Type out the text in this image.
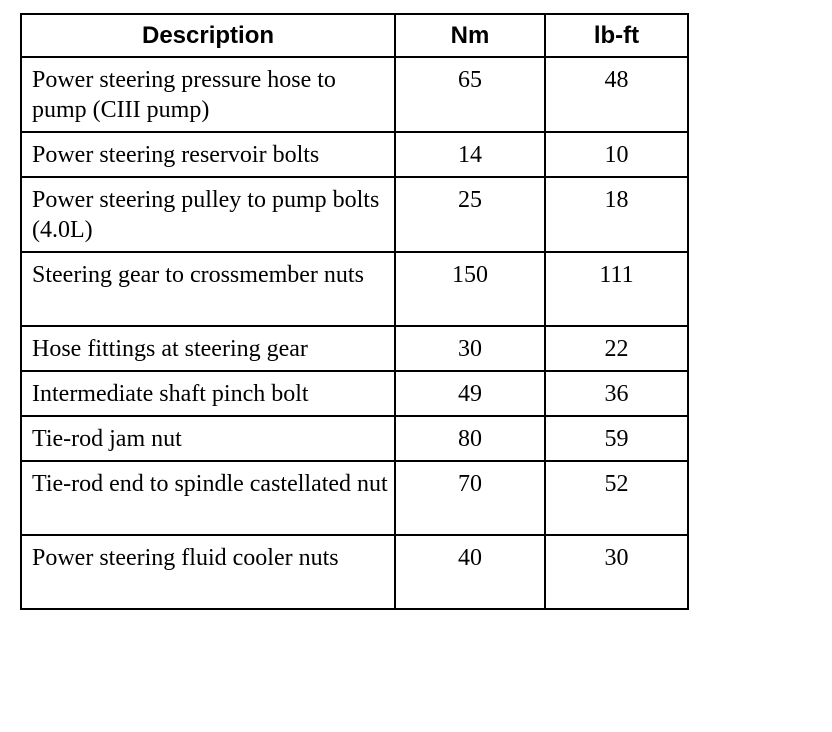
Description	Nm	lb-ft
Power steering pressure hose to pump (CIII pump)	65	48
Power steering reservoir bolts	14	10
Power steering pulley to pump bolts (4.0L)	25	18
Steering gear to crossmember nuts	150	111
Hose fittings at steering gear	30	22
Intermediate shaft pinch bolt	49	36
Tie-rod jam nut	80	59
Tie-rod end to spindle castellated nut	70	52
Power steering fluid cooler nuts	40	30
